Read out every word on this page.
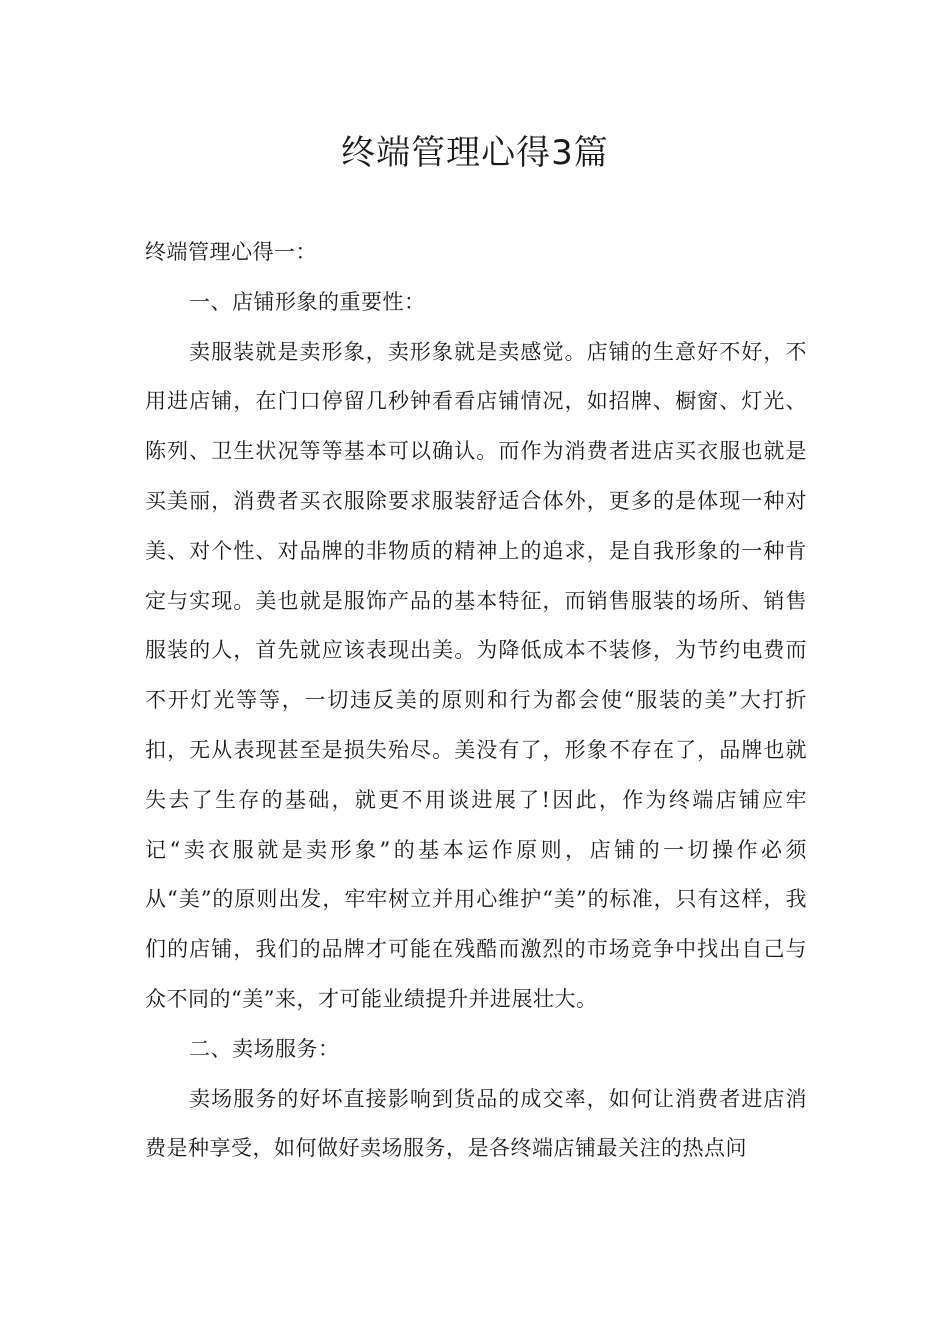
终端管理心得3篇

终端管理心得一：

一、店铺形象的重要性：

卖服装就是卖形象，卖形象就是卖感觉。店铺的生意好不好，不用进店铺，在门口停留几秒钟看看店铺情况，如招牌、橱窗、灯光、陈列、卫生状况等等基本可以确认。而作为消费者进店买衣服也就是买美丽，消费者买衣服除要求服装舒适合体外，更多的是体现一种对美、对个性、对品牌的非物质的精神上的追求，是自我形象的一种肯定与实现。美也就是服饰产品的基本特征，而销售服装的场所、销售服装的人，首先就应该表现出美。为降低成本不装修，为节约电费而不开灯光等等，一切违反美的原则和行为都会使“服装的美”大打折扣，无从表现甚至是损失殆尽。美没有了，形象不存在了，品牌也就失去了生存的基础，就更不用谈进展了!因此，作为终端店铺应牢记“卖衣服就是卖形象”的基本运作原则，店铺的一切操作必须从“美”的原则出发，牢牢树立并用心维护“美”的标准，只有这样，我们的店铺，我们的品牌才可能在残酷而激烈的市场竞争中找出自己与众不同的“美”来，才可能业绩提升并进展壮大。

二、卖场服务：

卖场服务的好坏直接影响到货品的成交率，如何让消费者进店消费是种享受，如何做好卖场服务，是各终端店铺最关注的热点问
